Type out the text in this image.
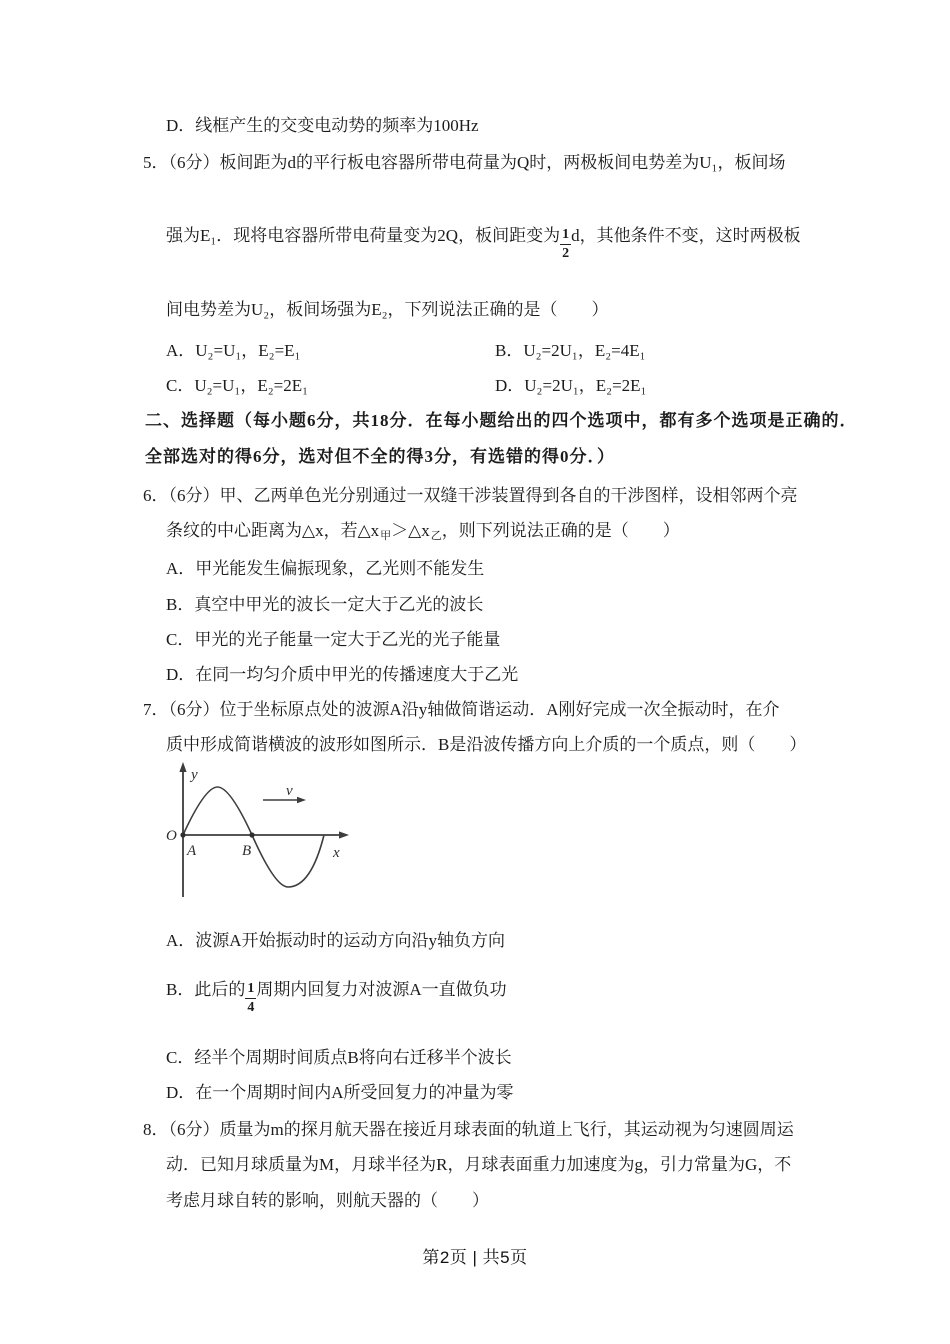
D．线框产生的交变电动势的频率为100Hz
5．（6分）板间距为d的平行板电容器所带电荷量为Q时，两极板间电势差为U₁，板间场
强为E₁．现将电容器所带电荷量变为2Q，板间距变为 $\frac{1}{2}$ d，其他条件不变，这时两极板
间电势差为U₂，板间场强为E₂，下列说法正确的是（　　）
A．U₂=U₁，E₂=E₁	B．U₂=2U₁，E₂=4E₁
C．U₂=U₁，E₂=2E₁	D．U₂=2U₁，E₂=2E₁
二、选择题（每小题6分，共18分．在每小题给出的四个选项中，都有多个选项是正确的．
全部选对的得6分，选对但不全的得3分，有选错的得0分．）
6．（6分）甲、乙两单色光分别通过一双缝干涉装置得到各自的干涉图样，设相邻两个亮
条纹的中心距离为△x，若△x甲＞△x乙，则下列说法正确的是（　　）
A．甲光能发生偏振现象，乙光则不能发生
B．真空中甲光的波长一定大于乙光的波长
C．甲光的光子能量一定大于乙光的光子能量
D．在同一均匀介质中甲光的传播速度大于乙光
7．（6分）位于坐标原点处的波源A沿y轴做简谐运动．A刚好完成一次全振动时，在介
质中形成简谐横波的波形如图所示．B是沿波传播方向上介质的一个质点，则（　　）
y
x
O
A	B
v
A．波源A开始振动时的运动方向沿y轴负方向
B．此后的 $\frac{1}{4}$ 周期内回复力对波源A一直做负功
C．经半个周期时间质点B将向右迁移半个波长
D．在一个周期时间内A所受回复力的冲量为零
8．（6分）质量为m的探月航天器在接近月球表面的轨道上飞行，其运动视为匀速圆周运
动．已知月球质量为M，月球半径为R，月球表面重力加速度为g，引力常量为G，不
考虑月球自转的影响，则航天器的（　　）
第2页 | 共5页
